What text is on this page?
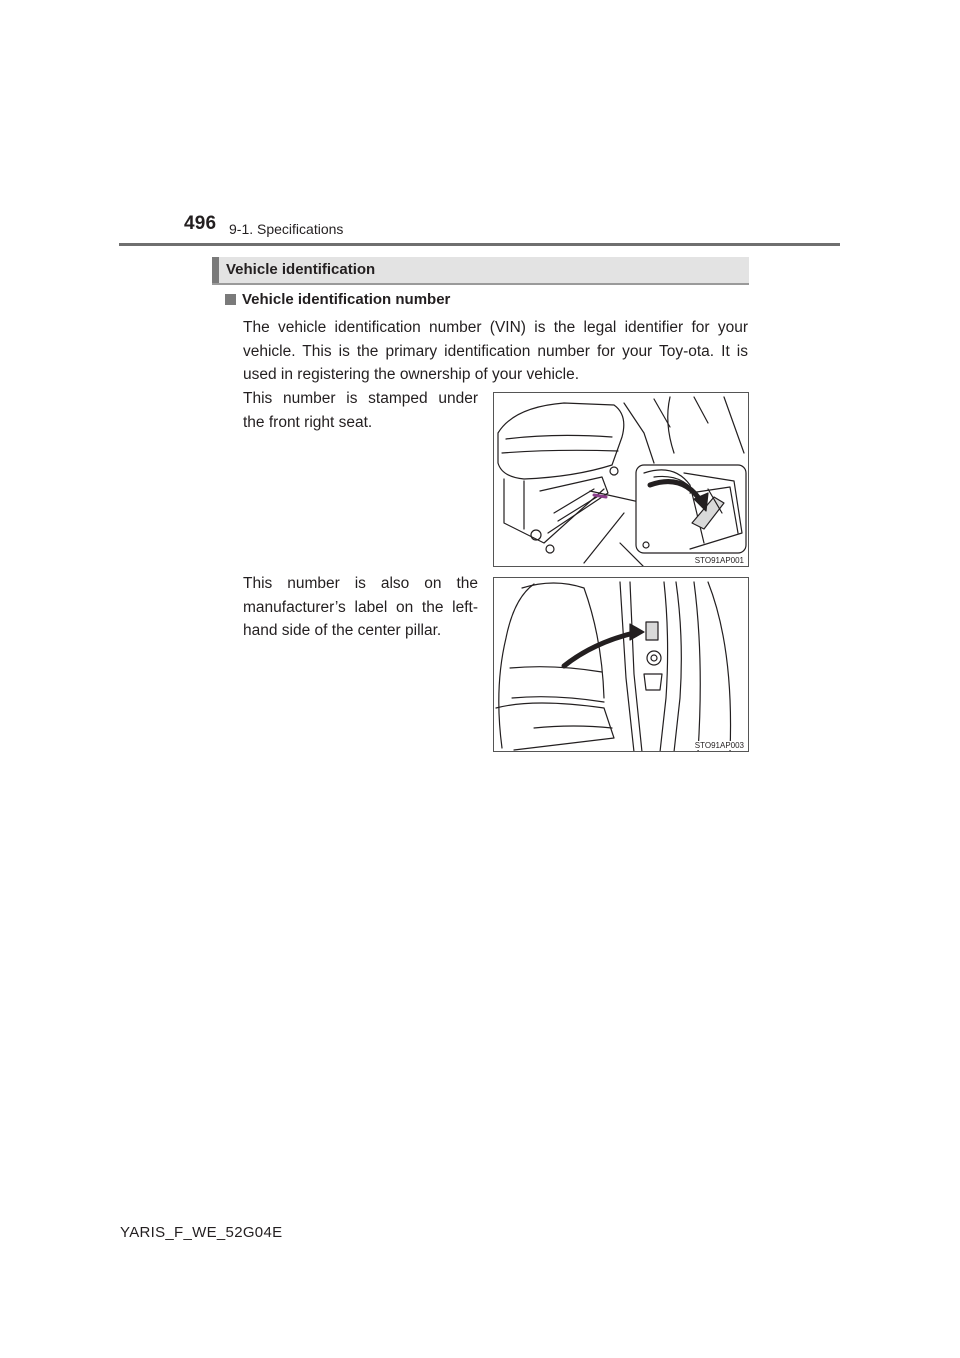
496 9-1. Specifications
Vehicle identification
Vehicle identification number
The vehicle identification number (VIN) is the legal identifier for your vehicle. This is the primary identification number for your Toy-ota. It is used in registering the ownership of your vehicle.
This number is stamped under the front right seat.
STO91AP001
This number is also on the manufacturer’s label on the left-hand side of the center pillar.
STO91AP003
YARIS_F_WE_52G04E
